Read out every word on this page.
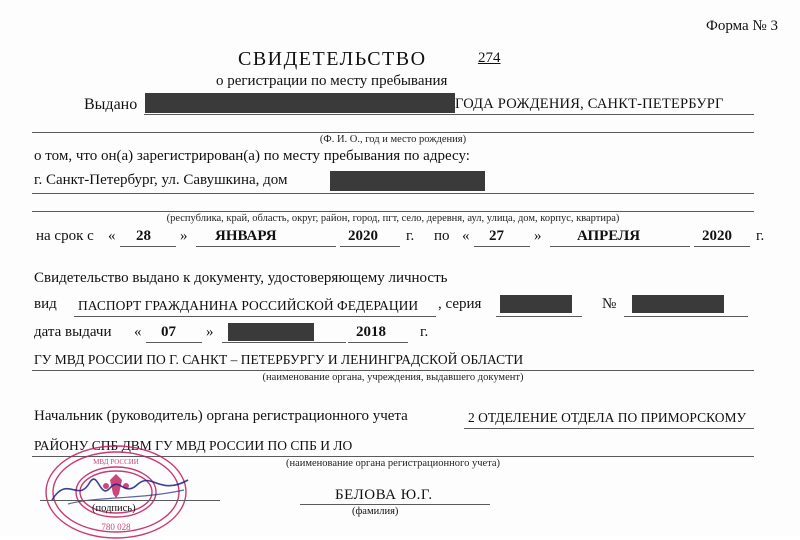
Форма № 3
СВИДЕТЕЛЬСТВО	274
о регистрации по месту пребывания
Выдано	ГОДА РОЖДЕНИЯ, САНКТ-ПЕТЕРБУРГ
(Ф. И. О., год и место рождения)
о том, что он(а) зарегистрирован(а) по месту пребывания по адресу:
г. Санкт-Петербург, ул. Савушкина, дом
(республика, край, область, округ, район, город, пгт, село, деревня, аул, улица, дом, корпус, квартира)
на срок с « 28 » ЯНВАРЯ	2020 г. по « 27 » АПРЕЛЯ	2020 г.
Свидетельство выдано к документу, удостоверяющему личность
вид ПАСПОРТ ГРАЖДАНИНА РОССИЙСКОЙ ФЕДЕРАЦИИ , серия	№
дата выдачи « 07 »	2018 г.
ГУ МВД РОССИИ ПО Г. САНКТ – ПЕТЕРБУРГУ И ЛЕНИНГРАДСКОЙ ОБЛАСТИ
(наименование органа, учреждения, выдавшего документ)
Начальник (руководитель) органа регистрационного учета	2 ОТДЕЛЕНИЕ ОТДЕЛА ПО ПРИМОРСКОМУ
РАЙОНУ СПБ ДВМ ГУ МВД РОССИИ ПО СПБ И ЛО
(наименование органа регистрационного учета)
780 028
МВД РОССИИ
(подпись)
БЕЛОВА Ю.Г.
(фамилия)
